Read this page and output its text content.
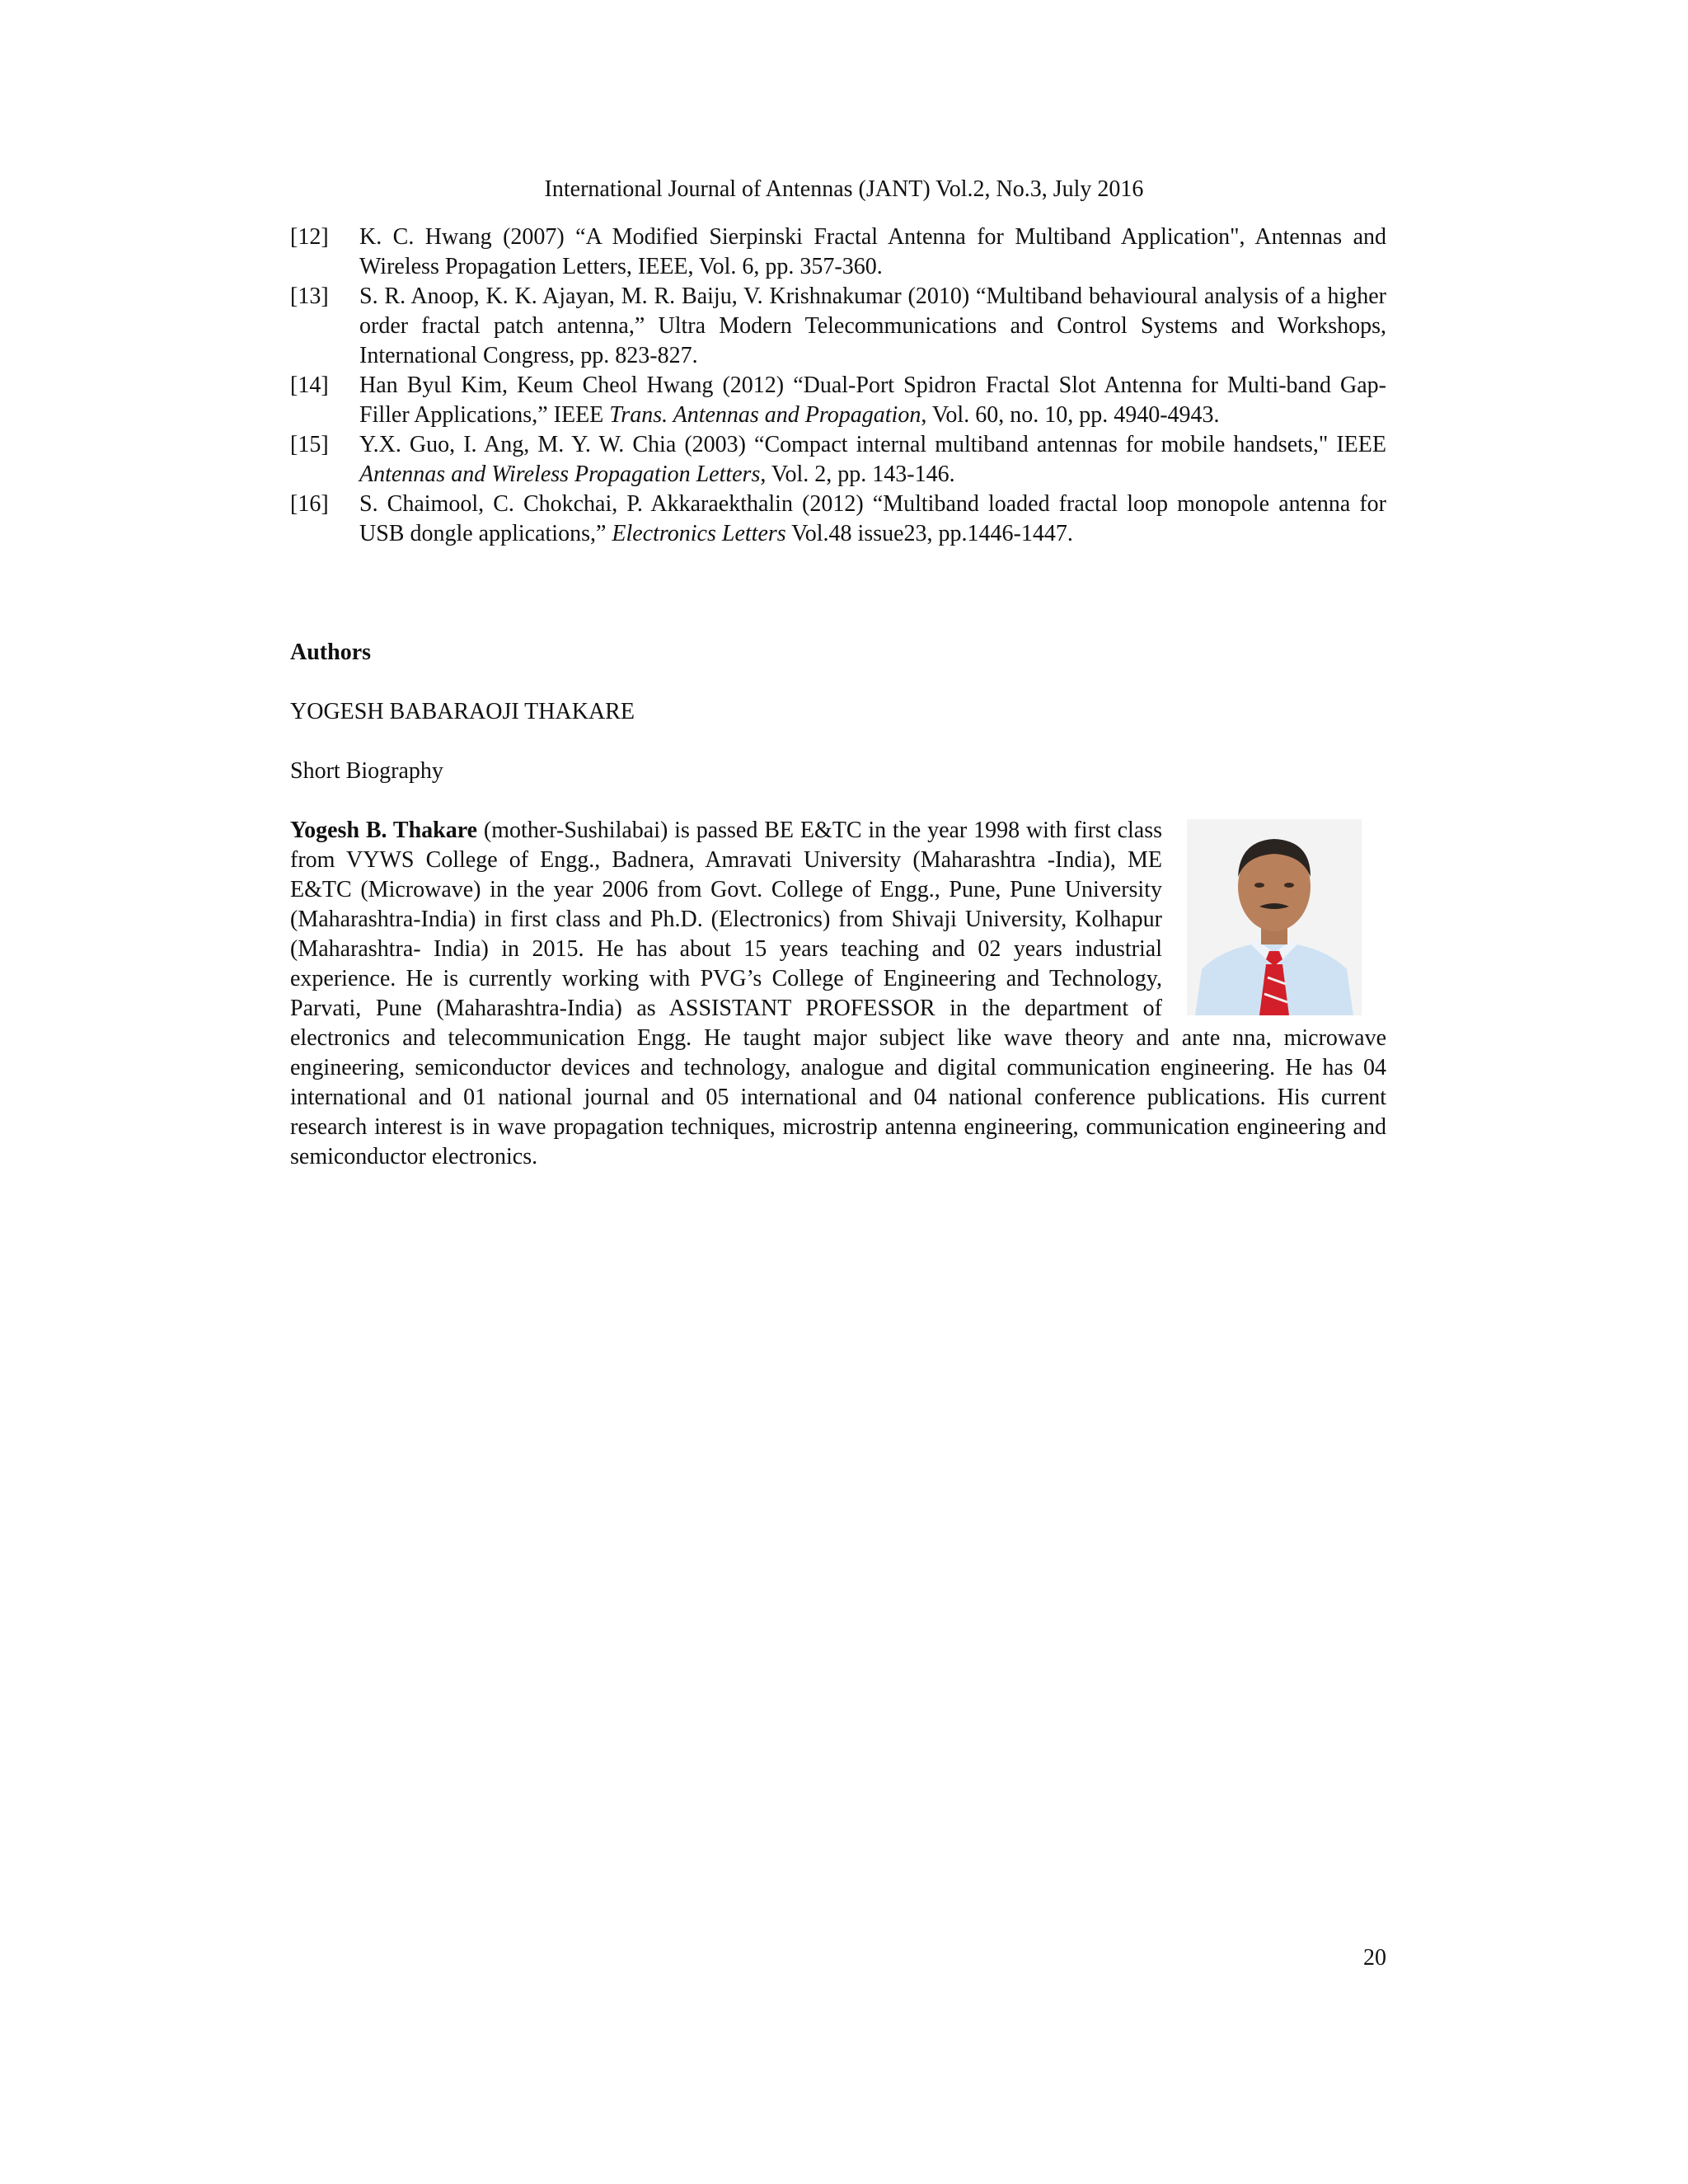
International Journal of Antennas (JANT) Vol.2, No.3, July 2016
[12] K. C. Hwang (2007) “A Modified Sierpinski Fractal Antenna for Multiband Application", Antennas and Wireless Propagation Letters, IEEE, Vol. 6, pp. 357-360.
[13] S. R. Anoop, K. K. Ajayan, M. R. Baiju, V. Krishnakumar (2010) “Multiband behavioural analysis of a higher order fractal patch antenna,” Ultra Modern Telecommunications and Control Systems and Workshops, International Congress, pp. 823-827.
[14] Han Byul Kim, Keum Cheol Hwang (2012) “Dual-Port Spidron Fractal Slot Antenna for Multi-band Gap-Filler Applications,” IEEE Trans. Antennas and Propagation, Vol. 60, no. 10, pp. 4940-4943.
[15] Y.X. Guo, I. Ang, M. Y. W. Chia (2003) “Compact internal multiband antennas for mobile handsets," IEEE Antennas and Wireless Propagation Letters, Vol. 2, pp. 143-146.
[16] S. Chaimool, C. Chokchai, P. Akkaraekthalin (2012) “Multiband loaded fractal loop monopole antenna for USB dongle applications,” Electronics Letters Vol.48 issue23, pp.1446-1447.
Authors
YOGESH BABARAOJI THAKARE
Short Biography

Yogesh B. Thakare (mother-Sushilabai) is passed BE E&TC in the year 1998 with first class from VYWS College of Engg., Badnera, Amravati University (Maharashtra -India), ME E&TC (Microwave) in the year 2006 from Govt. College of Engg., Pune, Pune University (Maharashtra-India) in first class and Ph.D. (Electronics) from Shivaji University, Kolhapur (Maharashtra- India) in 2015. He has about 15 years teaching and 02 years industrial experience. He is currently working with PVG’s College of Engineering and Technology, Parvati, Pune (Maharashtra-India) as ASSISTANT PROFESSOR in the department of electronics and telecommunication Engg. He taught major subject like wave theory and ante nna, microwave engineering, semiconductor devices and technology, analogue and digital communication engineering. He has 04 international and 01 national journal and 05 international and 04 national conference publications. His current research interest is in wave propagation techniques, microstrip antenna engineering, communication engineering and semiconductor electronics.

20
